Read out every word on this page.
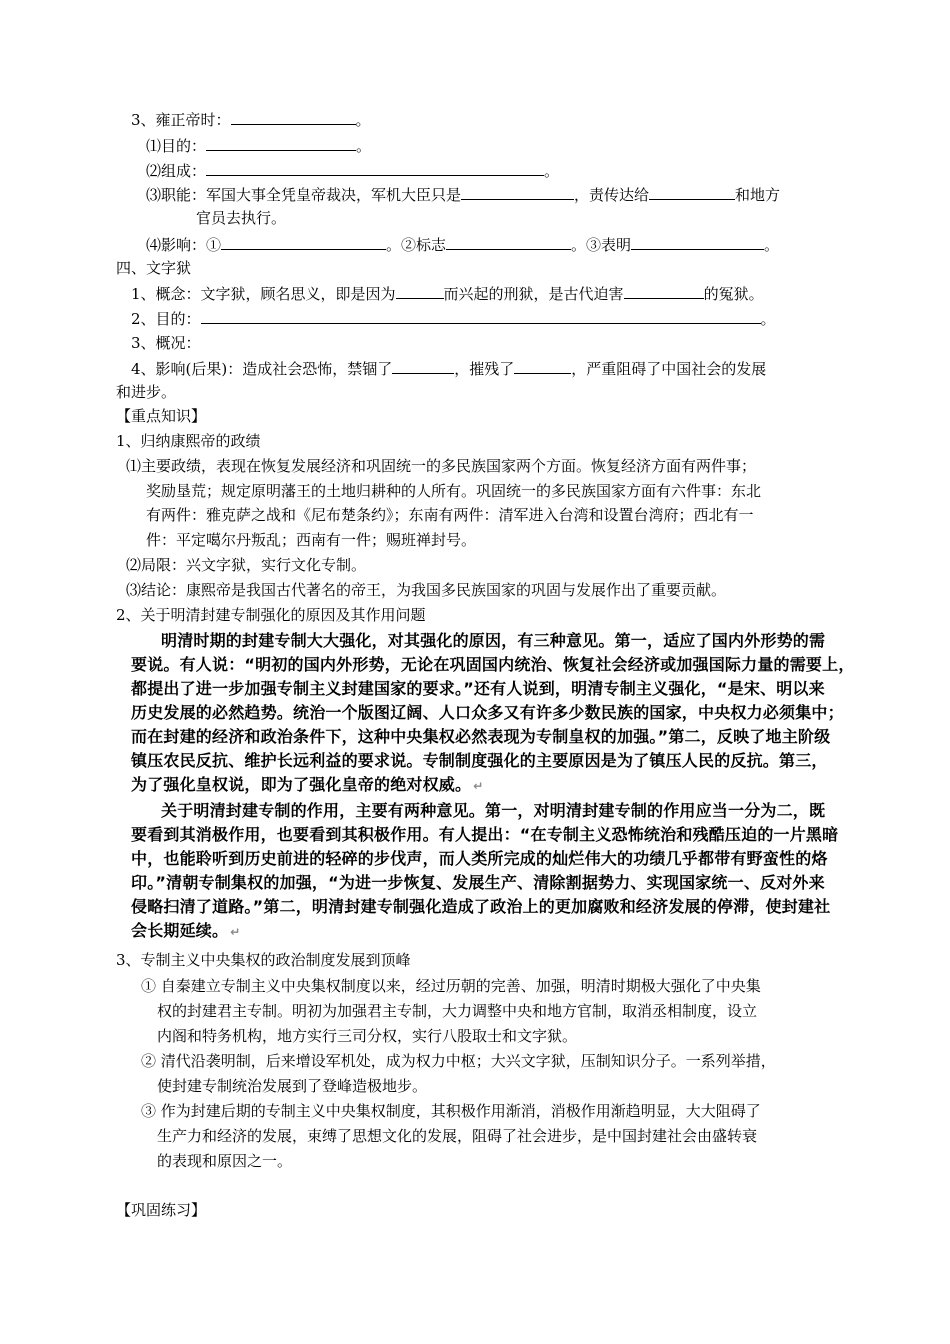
3、雍正帝时：	。
⑴目的：	。
⑵组成：	。
⑶职能：军国大事全凭皇帝裁决，军机大臣只是	，责传达给	和地方
官员去执行。
⑷影响：①	。②标志	。③表明	。
四、文字狱
1、概念：文字狱，顾名思义，即是因为	而兴起的刑狱，是古代迫害	的冤狱。
2、目的：	。
3、概况：
4、影响(后果)：造成社会恐怖，禁锢了	，摧残了	，严重阻碍了中国社会的发展
和进步。
【重点知识】
1、归纳康熙帝的政绩
⑴主要政绩，表现在恢复发展经济和巩固统一的多民族国家两个方面。恢复经济方面有两件事；
奖励垦荒；规定原明藩王的土地归耕种的人所有。巩固统一的多民族国家方面有六件事：东北
有两件：雅克萨之战和《尼布楚条约》；东南有两件：清军进入台湾和设置台湾府；西北有一
件：平定噶尔丹叛乱；西南有一件；赐班禅封号。
⑵局限：兴文字狱，实行文化专制。
⑶结论：康熙帝是我国古代著名的帝王，为我国多民族国家的巩固与发展作出了重要贡献。
2、关于明清封建专制强化的原因及其作用问题
明清时期的封建专制大大强化，对其强化的原因，有三种意见。第一，适应了国内外形势的需
要说。有人说：“明初的国内外形势，无论在巩固国内统治、恢复社会经济或加强国际力量的需要上，
都提出了进一步加强专制主义封建国家的要求。”还有人说到，明清专制主义强化，“是宋、明以来
历史发展的必然趋势。统治一个版图辽阔、人口众多又有许多少数民族的国家，中央权力必须集中；
而在封建的经济和政治条件下，这种中央集权必然表现为专制皇权的加强。”第二，反映了地主阶级
镇压农民反抗、维护长远利益的要求说。专制制度强化的主要原因是为了镇压人民的反抗。第三，
为了强化皇权说，即为了强化皇帝的绝对权威。 ↵
关于明清封建专制的作用，主要有两种意见。第一，对明清封建专制的作用应当一分为二，既
要看到其消极作用，也要看到其积极作用。有人提出：“在专制主义恐怖统治和残酷压迫的一片黑暗
中，也能聆听到历史前进的轻碎的步伐声，而人类所完成的灿烂伟大的功绩几乎都带有野蛮性的烙
印。”清朝专制集权的加强，“为进一步恢复、发展生产、清除割据势力、实现国家统一、反对外来
侵略扫清了道路。”第二，明清封建专制强化造成了政治上的更加腐败和经济发展的停滞，使封建社
会长期延续。 ↵
3、专制主义中央集权的政治制度发展到顶峰
① 自秦建立专制主义中央集权制度以来，经过历朝的完善、加强，明清时期极大强化了中央集
权的封建君主专制。明初为加强君主专制，大力调整中央和地方官制，取消丞相制度，设立
内阁和特务机构，地方实行三司分权，实行八股取士和文字狱。
② 清代沿袭明制，后来增设军机处，成为权力中枢；大兴文字狱，压制知识分子。一系列举措，
使封建专制统治发展到了登峰造极地步。
③ 作为封建后期的专制主义中央集权制度，其积极作用渐消，消极作用渐趋明显，大大阻碍了
生产力和经济的发展，束缚了思想文化的发展，阻碍了社会进步，是中国封建社会由盛转衰
的表现和原因之一。
【巩固练习】
